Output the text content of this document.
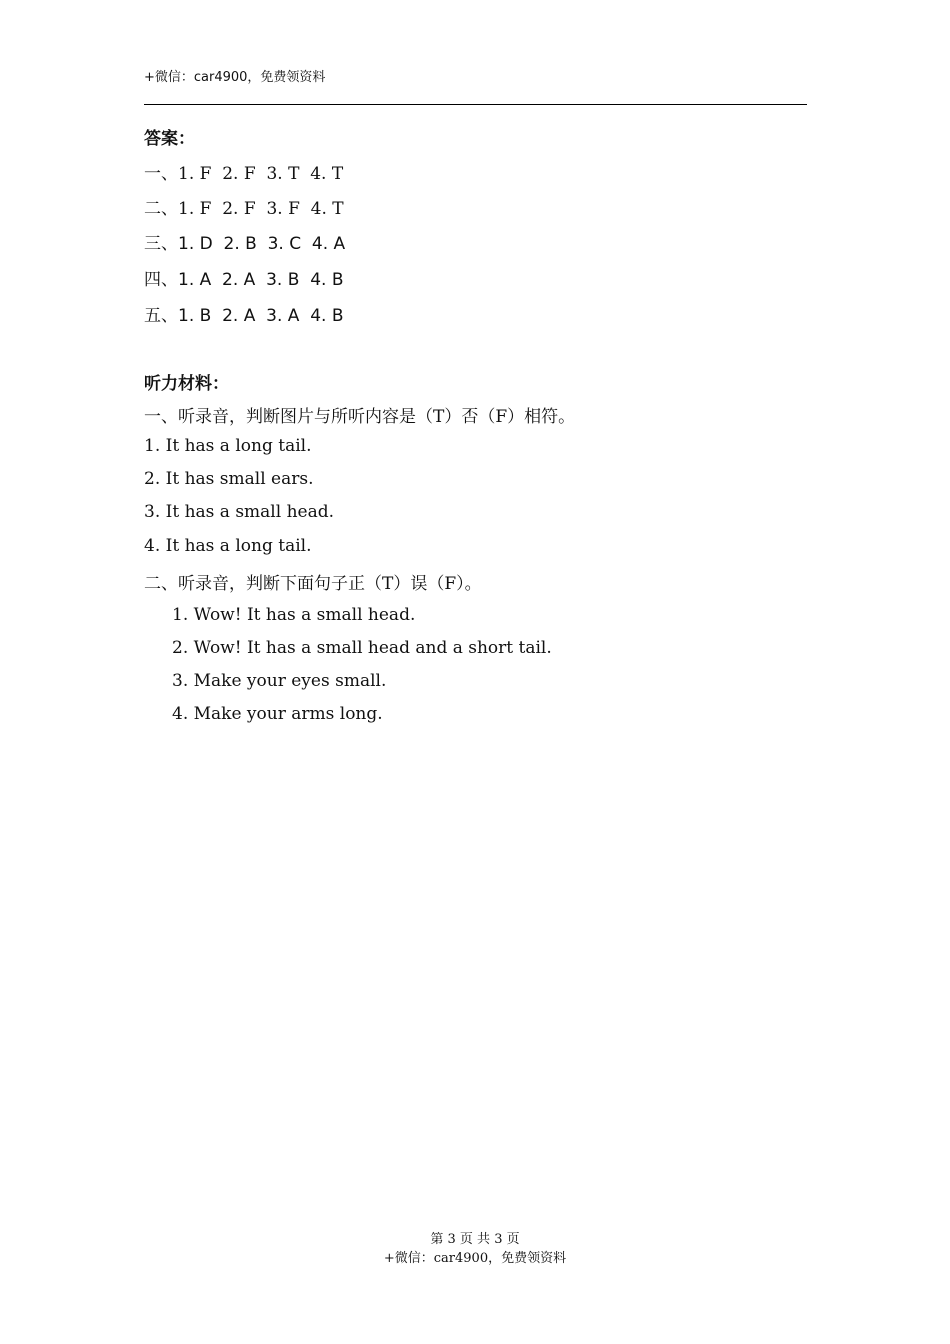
+微信：car4900，免费领资料
答案：
一、1. F  2. F  3. T  4. T
二、1. F  2. F  3. F  4. T
三、1. D  2. B  3. C  4. A
四、1. A  2. A  3. B  4. B
五、1. B  2. A  3. A  4. B
听力材料：
一、听录音，判断图片与所听内容是（T）否（F）相符。
1. It has a long tail.
2. It has small ears.
3. It has a small head.
4. It has a long tail.
二、听录音，判断下面句子正（T）误（F）。
1. Wow! It has a small head.
2. Wow! It has a small head and a short tail.
3. Make your eyes small.
4. Make your arms long.
第 3 页 共 3 页
+微信：car4900，免费领资料
